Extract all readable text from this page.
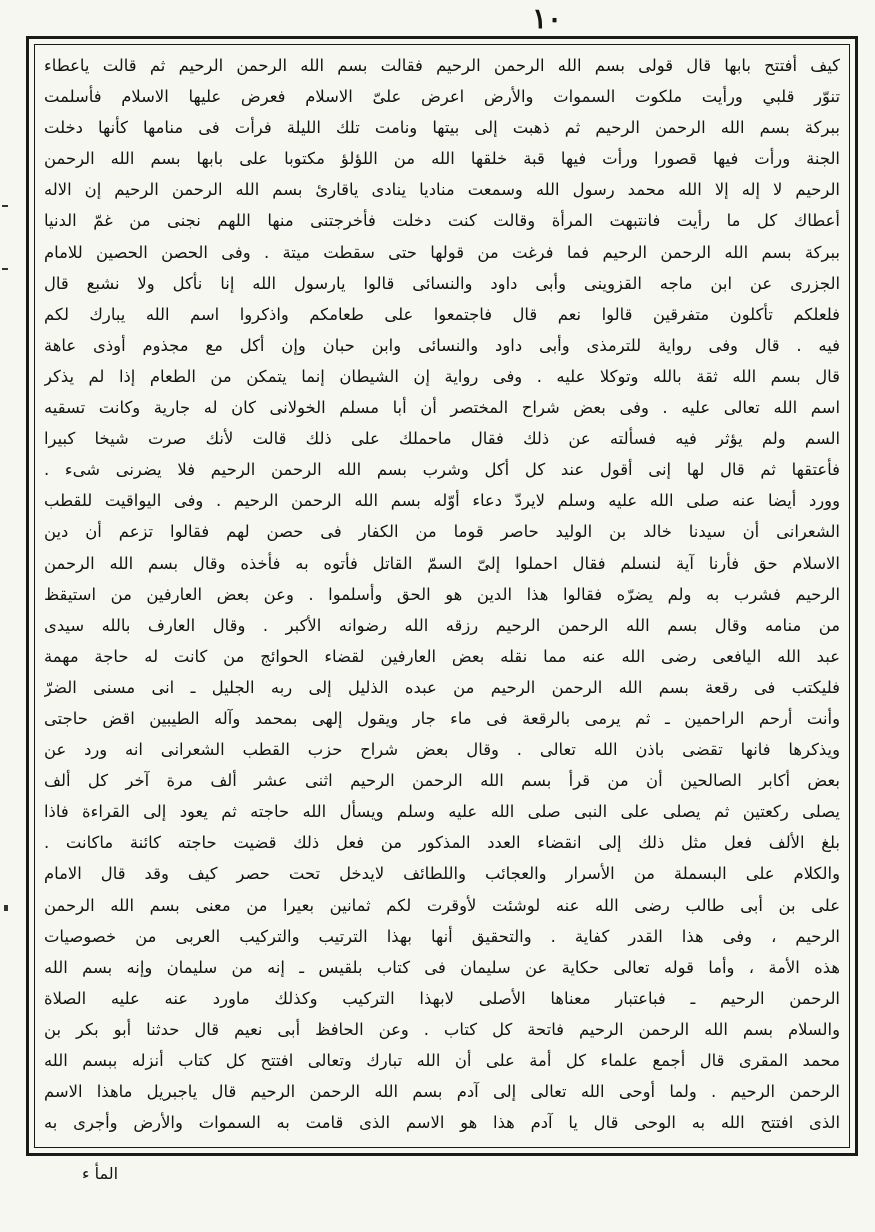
١٠
كيف أفتتح بابها قال قولى بسم الله الرحمن الرحيم فقالت بسم الله الرحمن الرحيم ثم قالت ياعطاء
تنوّر قلبي ورأيت ملكوت السموات والأرض اعرض علىّ الاسلام فعرض عليها الاسلام فأسلمت
ببركة بسم الله الرحمن الرحيم ثم ذهبت إلى بيتها ونامت تلك الليلة فرأت فى منامها كأنها دخلت
الجنة ورأت فيها قصورا ورأت فيها قبة خلقها الله من اللؤلؤ مكتوبا على بابها بسم الله الرحمن
الرحيم لا إله إلا الله محمد رسول الله وسمعت مناديا ينادى ياقارئ بسم الله الرحمن الرحيم إن الاله
أعطاك كل ما رأيت فانتبهت المرأة وقالت كنت دخلت فأخرجتنى منها اللهم نجنى من غمّ الدنيا
ببركة بسم الله الرحمن الرحيم فما فرغت من قولها حتى سقطت ميتة . وفى الحصن الحصين للامام
الجزرى عن ابن ماجه القزوينى وأبى داود والنسائى قالوا يارسول الله إنا نأكل ولا نشبع قال
فلعلكم تأكلون متفرقين قالوا نعم قال فاجتمعوا على طعامكم واذكروا اسم الله يبارك لكم
فيه . قال وفى رواية للترمذى وأبى داود والنسائى وابن حبان وإن أكل مع مجذوم أوذى عاهة
قال بسم الله ثقة بالله وتوكلا عليه . وفى رواية إن الشيطان إنما يتمكن من الطعام إذا لم يذكر
اسم الله تعالى عليه . وفى بعض شراح المختصر أن أبا مسلم الخولانى كان له جارية وكانت تسقيه
السم ولم يؤثر فيه فسألته عن ذلك فقال ماحملك على ذلك قالت لأنك صرت شيخا كبيرا
فأعتقها ثم قال لها إنى أقول عند كل أكل وشرب بسم الله الرحمن الرحيم فلا يضرنى شىء .
وورد أيضا عنه صلى الله عليه وسلم لايردّ دعاء أوّله بسم الله الرحمن الرحيم . وفى اليواقيت للقطب
الشعرانى أن سيدنا خالد بن الوليد حاصر قوما من الكفار فى حصن لهم فقالوا تزعم أن دين
الاسلام حق فأرنا آية لنسلم فقال احملوا إلىّ السمّ القاتل فأتوه به فأخذه وقال بسم الله الرحمن
الرحيم فشرب به ولم يضرّه فقالوا هذا الدين هو الحق وأسلموا . وعن بعض العارفين من استيقظ
من منامه وقال بسم الله الرحمن الرحيم رزقه الله رضوانه الأكبر . وقال العارف بالله سيدى
عبد الله اليافعى رضى الله عنه مما نقله بعض العارفين لقضاء الحوائج من كانت له حاجة مهمة
فليكتب فى رقعة بسم الله الرحمن الرحيم من عبده الذليل إلى ربه الجليل ـ انى مسنى الضرّ
وأنت أرحم الراحمين ـ ثم يرمى بالرقعة فى ماء جار ويقول إلهى بمحمد وآله الطيبين اقض حاجتى
ويذكرها فانها تقضى باذن الله تعالى . وقال بعض شراح حزب القطب الشعرانى انه ورد عن
بعض أكابر الصالحين أن من قرأ بسم الله الرحمن الرحيم اثنى عشر ألف مرة آخر كل ألف
يصلى ركعتين ثم يصلى على النبى صلى الله عليه وسلم ويسأل الله حاجته ثم يعود إلى القراءة فاذا
بلغ الألف فعل مثل ذلك إلى انقضاء العدد المذكور من فعل ذلك قضيت حاجته كائنة ماكانت .
والكلام على البسملة من الأسرار والعجائب واللطائف لايدخل تحت حصر كيف وقد قال الامام
على بن أبى طالب رضى الله عنه لوشئت لأوقرت لكم ثمانين بعيرا من معنى بسم الله الرحمن
الرحيم ، وفى هذا القدر كفاية . والتحقيق أنها بهذا الترتيب والتركيب العربى من خصوصيات
هذه الأمة ، وأما قوله تعالى حكاية عن سليمان فى كتاب بلقيس ـ إنه من سليمان وإنه بسم الله
الرحمن الرحيم ـ فباعتبار معناها الأصلى لابهذا التركيب وكذلك ماورد عنه عليه الصلاة
والسلام بسم الله الرحمن الرحيم فاتحة كل كتاب . وعن الحافظ أبى نعيم قال حدثنا أبو بكر بن
محمد المقرى قال أجمع علماء كل أمة على أن الله تبارك وتعالى افتتح كل كتاب أنزله ببسم الله
الرحمن الرحيم . ولما أوحى الله تعالى إلى آدم بسم الله الرحمن الرحيم قال ياجبريل ماهذا الاسم
الذى افتتح الله به الوحى قال يا آدم هذا هو الاسم الذى قامت به السموات والأرض وأجرى به
المأ ء
